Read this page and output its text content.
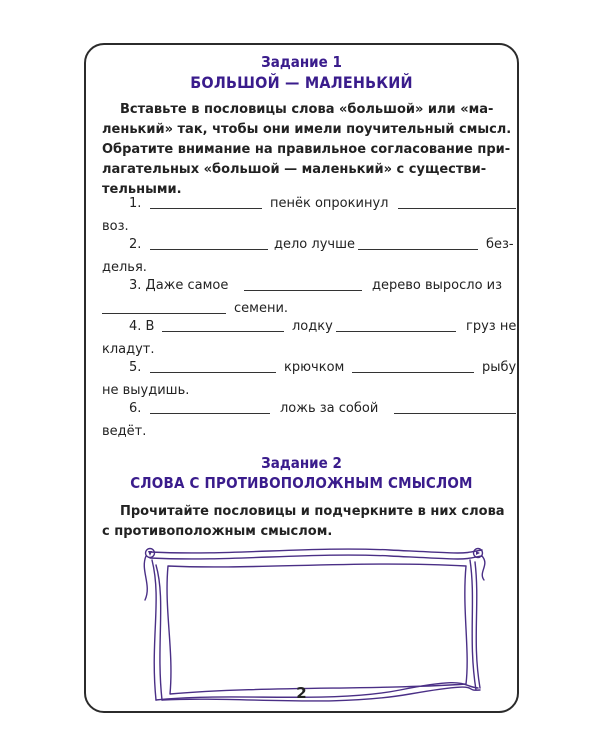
Задание 1
БОЛЬШОЙ — МАЛЕНЬКИЙ
Вставьте в пословицы слова «большой» или «ма-
ленький» так, чтобы они имели поучительный смысл.
Обратите внимание на правильное согласование при-
лагательных «большой — маленький» с существи-
тельными.
1.	пенёк опрокинул
воз.
2.	дело лучше	без-
делья.
3. Даже самое	дерево выросло из
семени.
4. В	лодку	груз не
кладут.
5.	крючком	рыбу
не выудишь.
6.	ложь за собой
ведёт.
Задание 2
СЛОВА С ПРОТИВОПОЛОЖНЫМ СМЫСЛОМ
Прочитайте пословицы и подчеркните в них слова
с противоположным смыслом.
2
